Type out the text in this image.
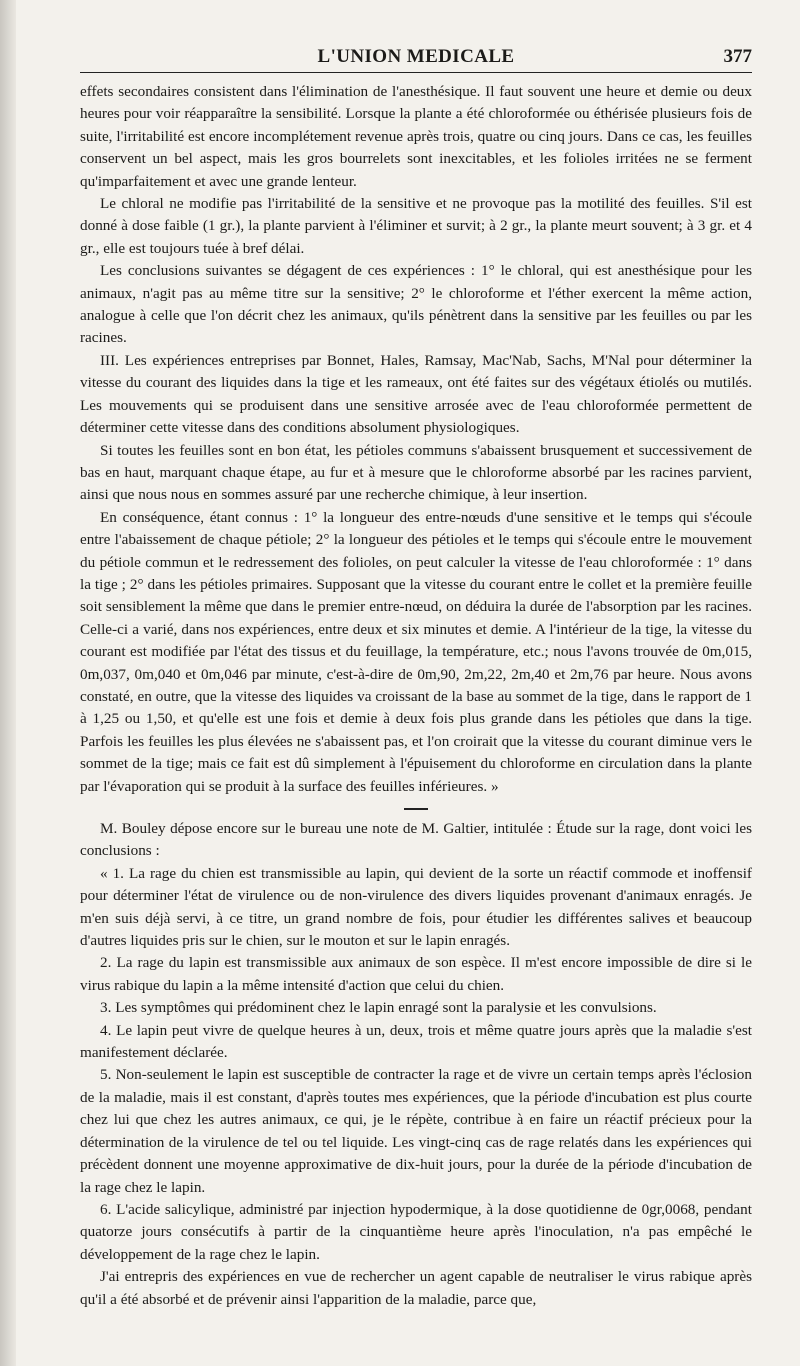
L'UNION MEDICALE	377

effets secondaires consistent dans l'élimination de l'anesthésique. Il faut souvent une heure et demie ou deux heures pour voir réapparaître la sensibilité. Lorsque la plante a été chloroformée ou éthérisée plusieurs fois de suite, l'irritabilité est encore incomplétement revenue après trois, quatre ou cinq jours. Dans ce cas, les feuilles conservent un bel aspect, mais les gros bourrelets sont inexcitables, et les folioles irritées ne se ferment qu'imparfaitement et avec une grande lenteur.

Le chloral ne modifie pas l'irritabilité de la sensitive et ne provoque pas la motilité des feuilles. S'il est donné à dose faible (1 gr.), la plante parvient à l'éliminer et survit; à 2 gr., la plante meurt souvent; à 3 gr. et 4 gr., elle est toujours tuée à bref délai.

Les conclusions suivantes se dégagent de ces expériences : 1° le chloral, qui est anesthésique pour les animaux, n'agit pas au même titre sur la sensitive; 2° le chloroforme et l'éther exercent la même action, analogue à celle que l'on décrit chez les animaux, qu'ils pénètrent dans la sensitive par les feuilles ou par les racines.

III. Les expériences entreprises par Bonnet, Hales, Ramsay, Mac'Nab, Sachs, M'Nal pour déterminer la vitesse du courant des liquides dans la tige et les rameaux, ont été faites sur des végétaux étiolés ou mutilés. Les mouvements qui se produisent dans une sensitive arrosée avec de l'eau chloroformée permettent de déterminer cette vitesse dans des conditions absolument physiologiques.

Si toutes les feuilles sont en bon état, les pétioles communs s'abaissent brusquement et successivement de bas en haut, marquant chaque étape, au fur et à mesure que le chloroforme absorbé par les racines parvient, ainsi que nous nous en sommes assuré par une recherche chimique, à leur insertion.

En conséquence, étant connus : 1° la longueur des entre-nœuds d'une sensitive et le temps qui s'écoule entre l'abaissement de chaque pétiole; 2° la longueur des pétioles et le temps qui s'écoule entre le mouvement du pétiole commun et le redressement des folioles, on peut calculer la vitesse de l'eau chloroformée : 1° dans la tige ; 2° dans les pétioles primaires. Supposant que la vitesse du courant entre le collet et la première feuille soit sensiblement la même que dans le premier entre-nœud, on déduira la durée de l'absorption par les racines. Celle-ci a varié, dans nos expériences, entre deux et six minutes et demie. A l'intérieur de la tige, la vitesse du courant est modifiée par l'état des tissus et du feuillage, la température, etc.; nous l'avons trouvée de 0m,015, 0m,037, 0m,040 et 0m,046 par minute, c'est-à-dire de 0m,90, 2m,22, 2m,40 et 2m,76 par heure. Nous avons constaté, en outre, que la vitesse des liquides va croissant de la base au sommet de la tige, dans le rapport de 1 à 1,25 ou 1,50, et qu'elle est une fois et demie à deux fois plus grande dans les pétioles que dans la tige. Parfois les feuilles les plus élevées ne s'abaissent pas, et l'on croirait que la vitesse du courant diminue vers le sommet de la tige; mais ce fait est dû simplement à l'épuisement du chloroforme en circulation dans la plante par l'évaporation qui se produit à la surface des feuilles inférieures. »

M. Bouley dépose encore sur le bureau une note de M. Galtier, intitulée : Étude sur la rage, dont voici les conclusions :

« 1. La rage du chien est transmissible au lapin, qui devient de la sorte un réactif commode et inoffensif pour déterminer l'état de virulence ou de non-virulence des divers liquides provenant d'animaux enragés. Je m'en suis déjà servi, à ce titre, un grand nombre de fois, pour étudier les différentes salives et beaucoup d'autres liquides pris sur le chien, sur le mouton et sur le lapin enragés.

2. La rage du lapin est transmissible aux animaux de son espèce. Il m'est encore impossible de dire si le virus rabique du lapin a la même intensité d'action que celui du chien.

3. Les symptômes qui prédominent chez le lapin enragé sont la paralysie et les convulsions.

4. Le lapin peut vivre de quelque heures à un, deux, trois et même quatre jours après que la maladie s'est manifestement déclarée.

5. Non-seulement le lapin est susceptible de contracter la rage et de vivre un certain temps après l'éclosion de la maladie, mais il est constant, d'après toutes mes expériences, que la période d'incubation est plus courte chez lui que chez les autres animaux, ce qui, je le répète, contribue à en faire un réactif précieux pour la détermination de la virulence de tel ou tel liquide. Les vingt-cinq cas de rage relatés dans les expériences qui précèdent donnent une moyenne approximative de dix-huit jours, pour la durée de la période d'incubation de la rage chez le lapin.

6. L'acide salicylique, administré par injection hypodermique, à la dose quotidienne de 0gr,0068, pendant quatorze jours consécutifs à partir de la cinquantième heure après l'inoculation, n'a pas empêché le développement de la rage chez le lapin.

J'ai entrepris des expériences en vue de rechercher un agent capable de neutraliser le virus rabique après qu'il a été absorbé et de prévenir ainsi l'apparition de la maladie, parce que,
